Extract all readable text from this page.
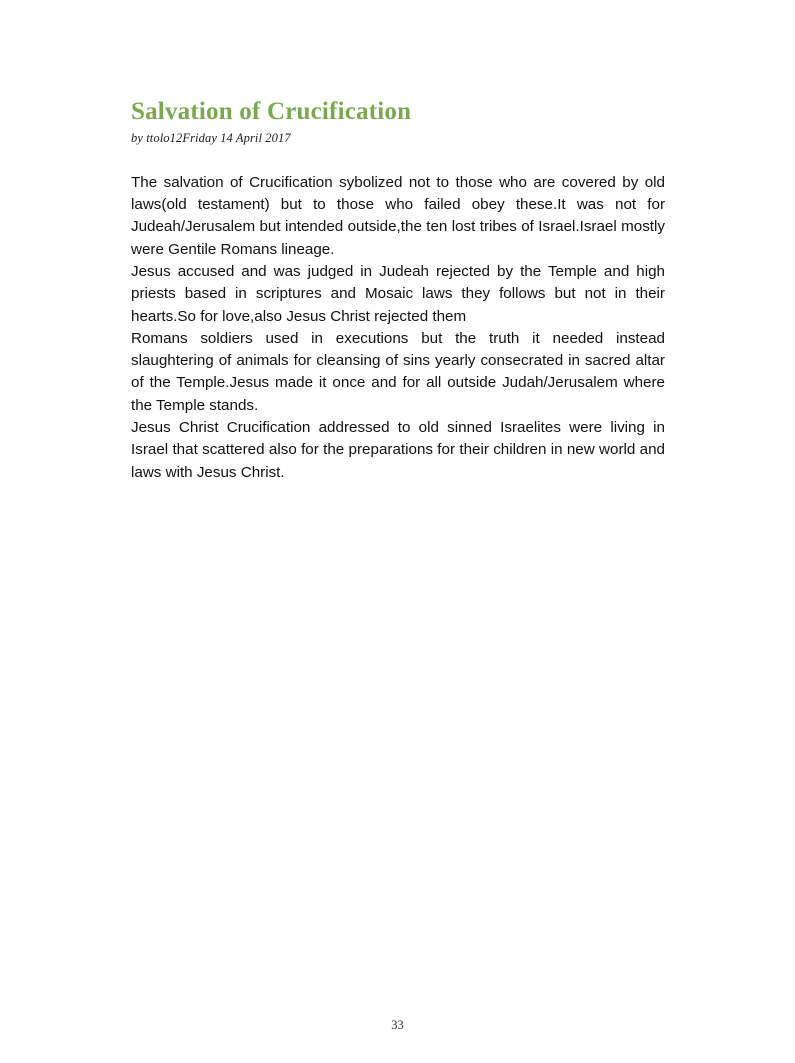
Salvation of Crucification
by ttolo12Friday 14 April 2017

The salvation of Crucification sybolized not to those who are covered by old laws(old testament) but to those who failed obey these.It was not for Judeah/Jerusalem but intended outside,the ten lost tribes of Israel.Israel mostly were Gentile Romans lineage.

Jesus accused and was judged in Judeah rejected by the Temple and high priests based in scriptures and Mosaic laws they follows but not in their hearts.So for love,also Jesus Christ rejected them

Romans soldiers used in executions but the truth it needed instead slaughtering of animals for cleansing of sins yearly consecrated in sacred altar of the Temple.Jesus made it once and for all outside Judah/Jerusalem where the Temple stands.

Jesus Christ Crucification addressed to old sinned Israelites were living in Israel that scattered also for the preparations for their children in new world and laws with Jesus Christ.

33
